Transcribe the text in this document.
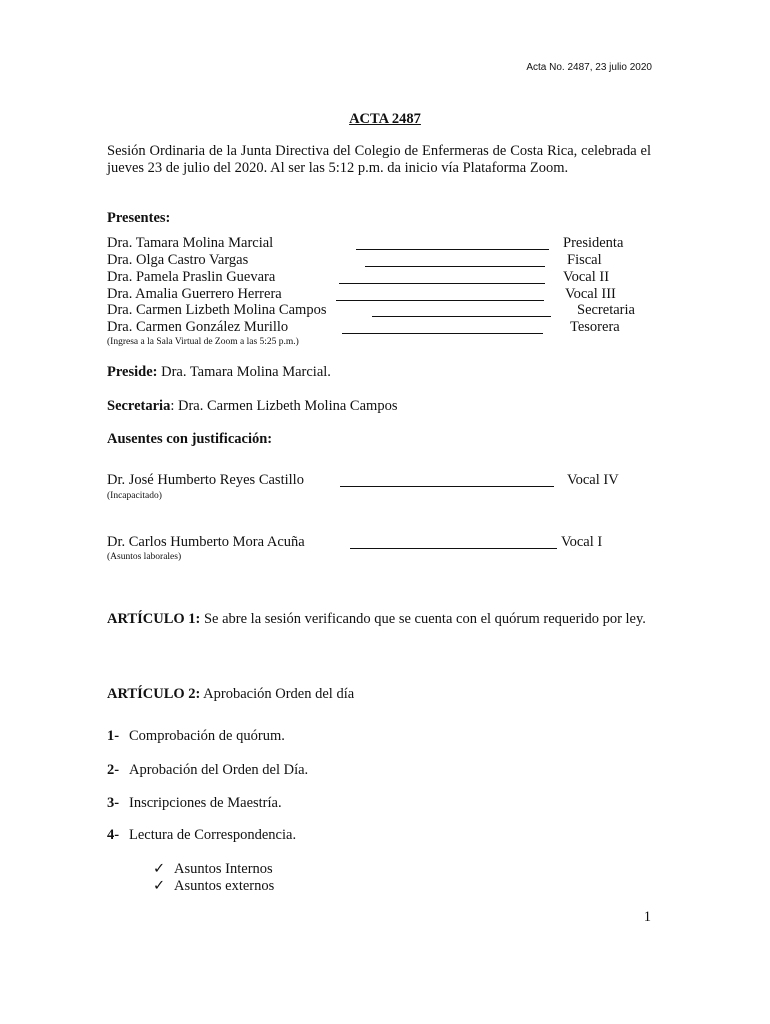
Acta No. 2487, 23 julio 2020
ACTA 2487
Sesión Ordinaria de la Junta Directiva del Colegio de Enfermeras de Costa Rica, celebrada el jueves 23 de julio del 2020. Al ser las 5:12 p.m. da inicio vía Plataforma Zoom.
Presentes:
Dra. Tamara Molina Marcial	Presidenta
Dra. Olga Castro Vargas	Fiscal
Dra. Pamela Praslin Guevara	Vocal II
Dra. Amalia Guerrero Herrera	Vocal III
Dra. Carmen Lizbeth Molina Campos	Secretaria
Dra. Carmen González Murillo	Tesorera
(Ingresa a la Sala Virtual de Zoom a las 5:25 p.m.)
Preside: Dra. Tamara Molina Marcial.
Secretaria: Dra. Carmen Lizbeth Molina Campos
Ausentes con justificación:
Dr. José Humberto Reyes Castillo	Vocal IV
(Incapacitado)
Dr. Carlos Humberto Mora Acuña	Vocal I
(Asuntos laborales)
ARTÍCULO 1: Se abre la sesión verificando que se cuenta con el quórum requerido por ley.
ARTÍCULO 2: Aprobación Orden del día
1- Comprobación de quórum.
2- Aprobación del Orden del Día.
3- Inscripciones de Maestría.
4- Lectura de Correspondencia.
✓ Asuntos Internos
✓ Asuntos externos
1
